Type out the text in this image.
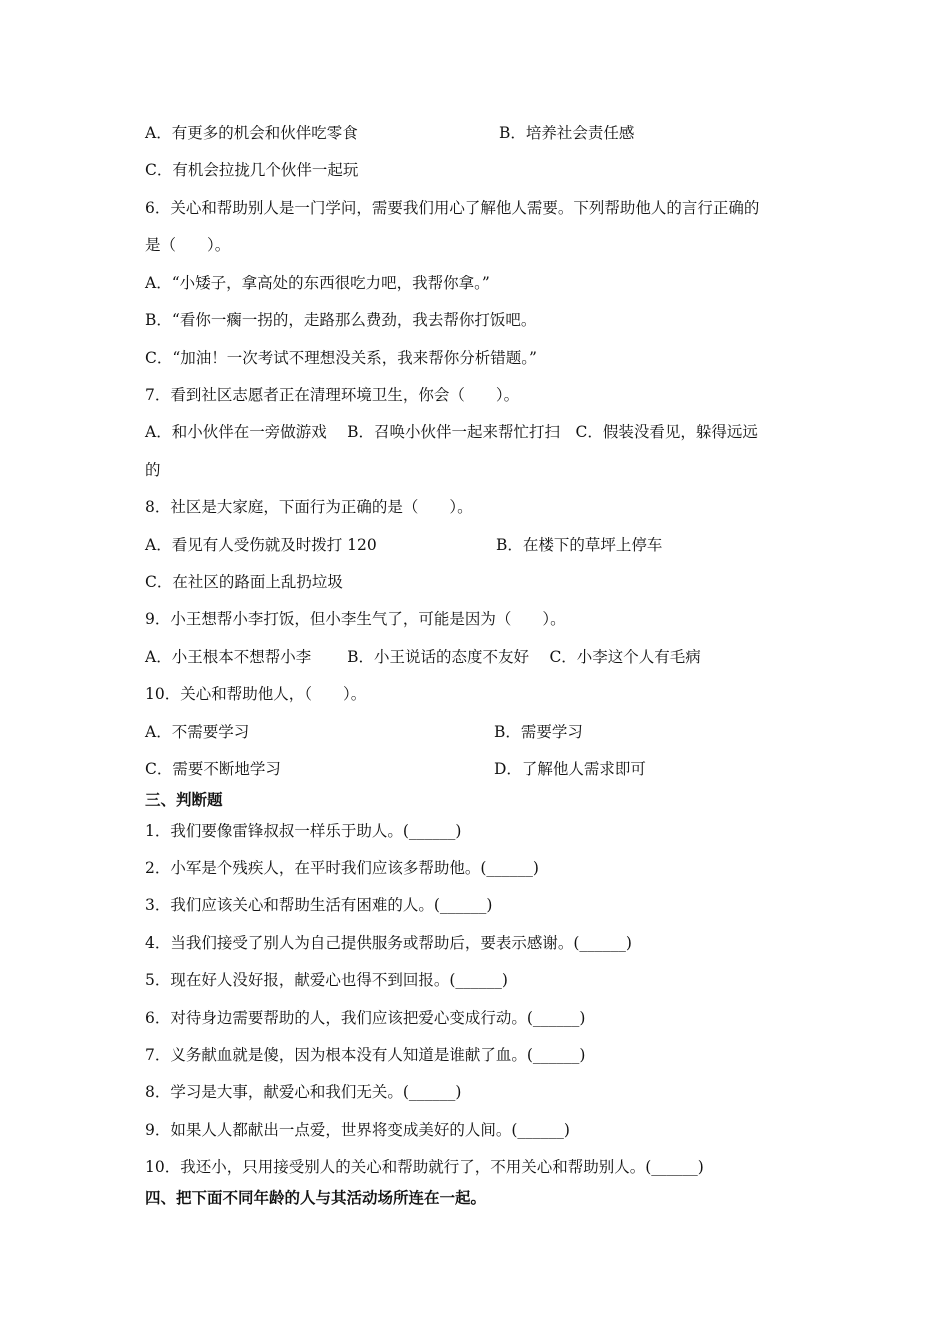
A．有更多的机会和伙伴吃零食	B．培养社会责任感
C．有机会拉拢几个伙伴一起玩
6．关心和帮助别人是一门学问，需要我们用心了解他人需要。下列帮助他人的言行正确的
是（　　）。
A．“小矮子，拿高处的东西很吃力吧，我帮你拿。”
B．“看你一瘸一拐的，走路那么费劲，我去帮你打饭吧。
C．“加油！一次考试不理想没关系，我来帮你分析错题。”
7．看到社区志愿者正在清理环境卫生，你会（　　）。
A．和小伙伴在一旁做游戏　 B．召唤小伙伴一起来帮忙打扫　C．假装没看见，躲得远远
的
8．社区是大家庭，下面行为正确的是（　　）。
A．看见有人受伤就及时拨打 120	B．在楼下的草坪上停车
C．在社区的路面上乱扔垃圾
9．小王想帮小李打饭，但小李生气了，可能是因为（　　）。
A．小王根本不想帮小李　　 B．小王说话的态度不友好　 C．小李这个人有毛病
10．关心和帮助他人，（　　）。
A．不需要学习	B．需要学习
C．需要不断地学习	D．了解他人需求即可
三、判断题
1．我们要像雷锋叔叔一样乐于助人。(______)
2．小军是个残疾人，在平时我们应该多帮助他。(______)
3．我们应该关心和帮助生活有困难的人。(______)
4．当我们接受了别人为自己提供服务或帮助后，要表示感谢。(______)
5．现在好人没好报，献爱心也得不到回报。(______)
6．对待身边需要帮助的人，我们应该把爱心变成行动。(______)
7．义务献血就是傻，因为根本没有人知道是谁献了血。(______)
8．学习是大事，献爱心和我们无关。(______)
9．如果人人都献出一点爱，世界将变成美好的人间。(______)
10．我还小，只用接受别人的关心和帮助就行了，不用关心和帮助别人。(______)
四、把下面不同年龄的人与其活动场所连在一起。
